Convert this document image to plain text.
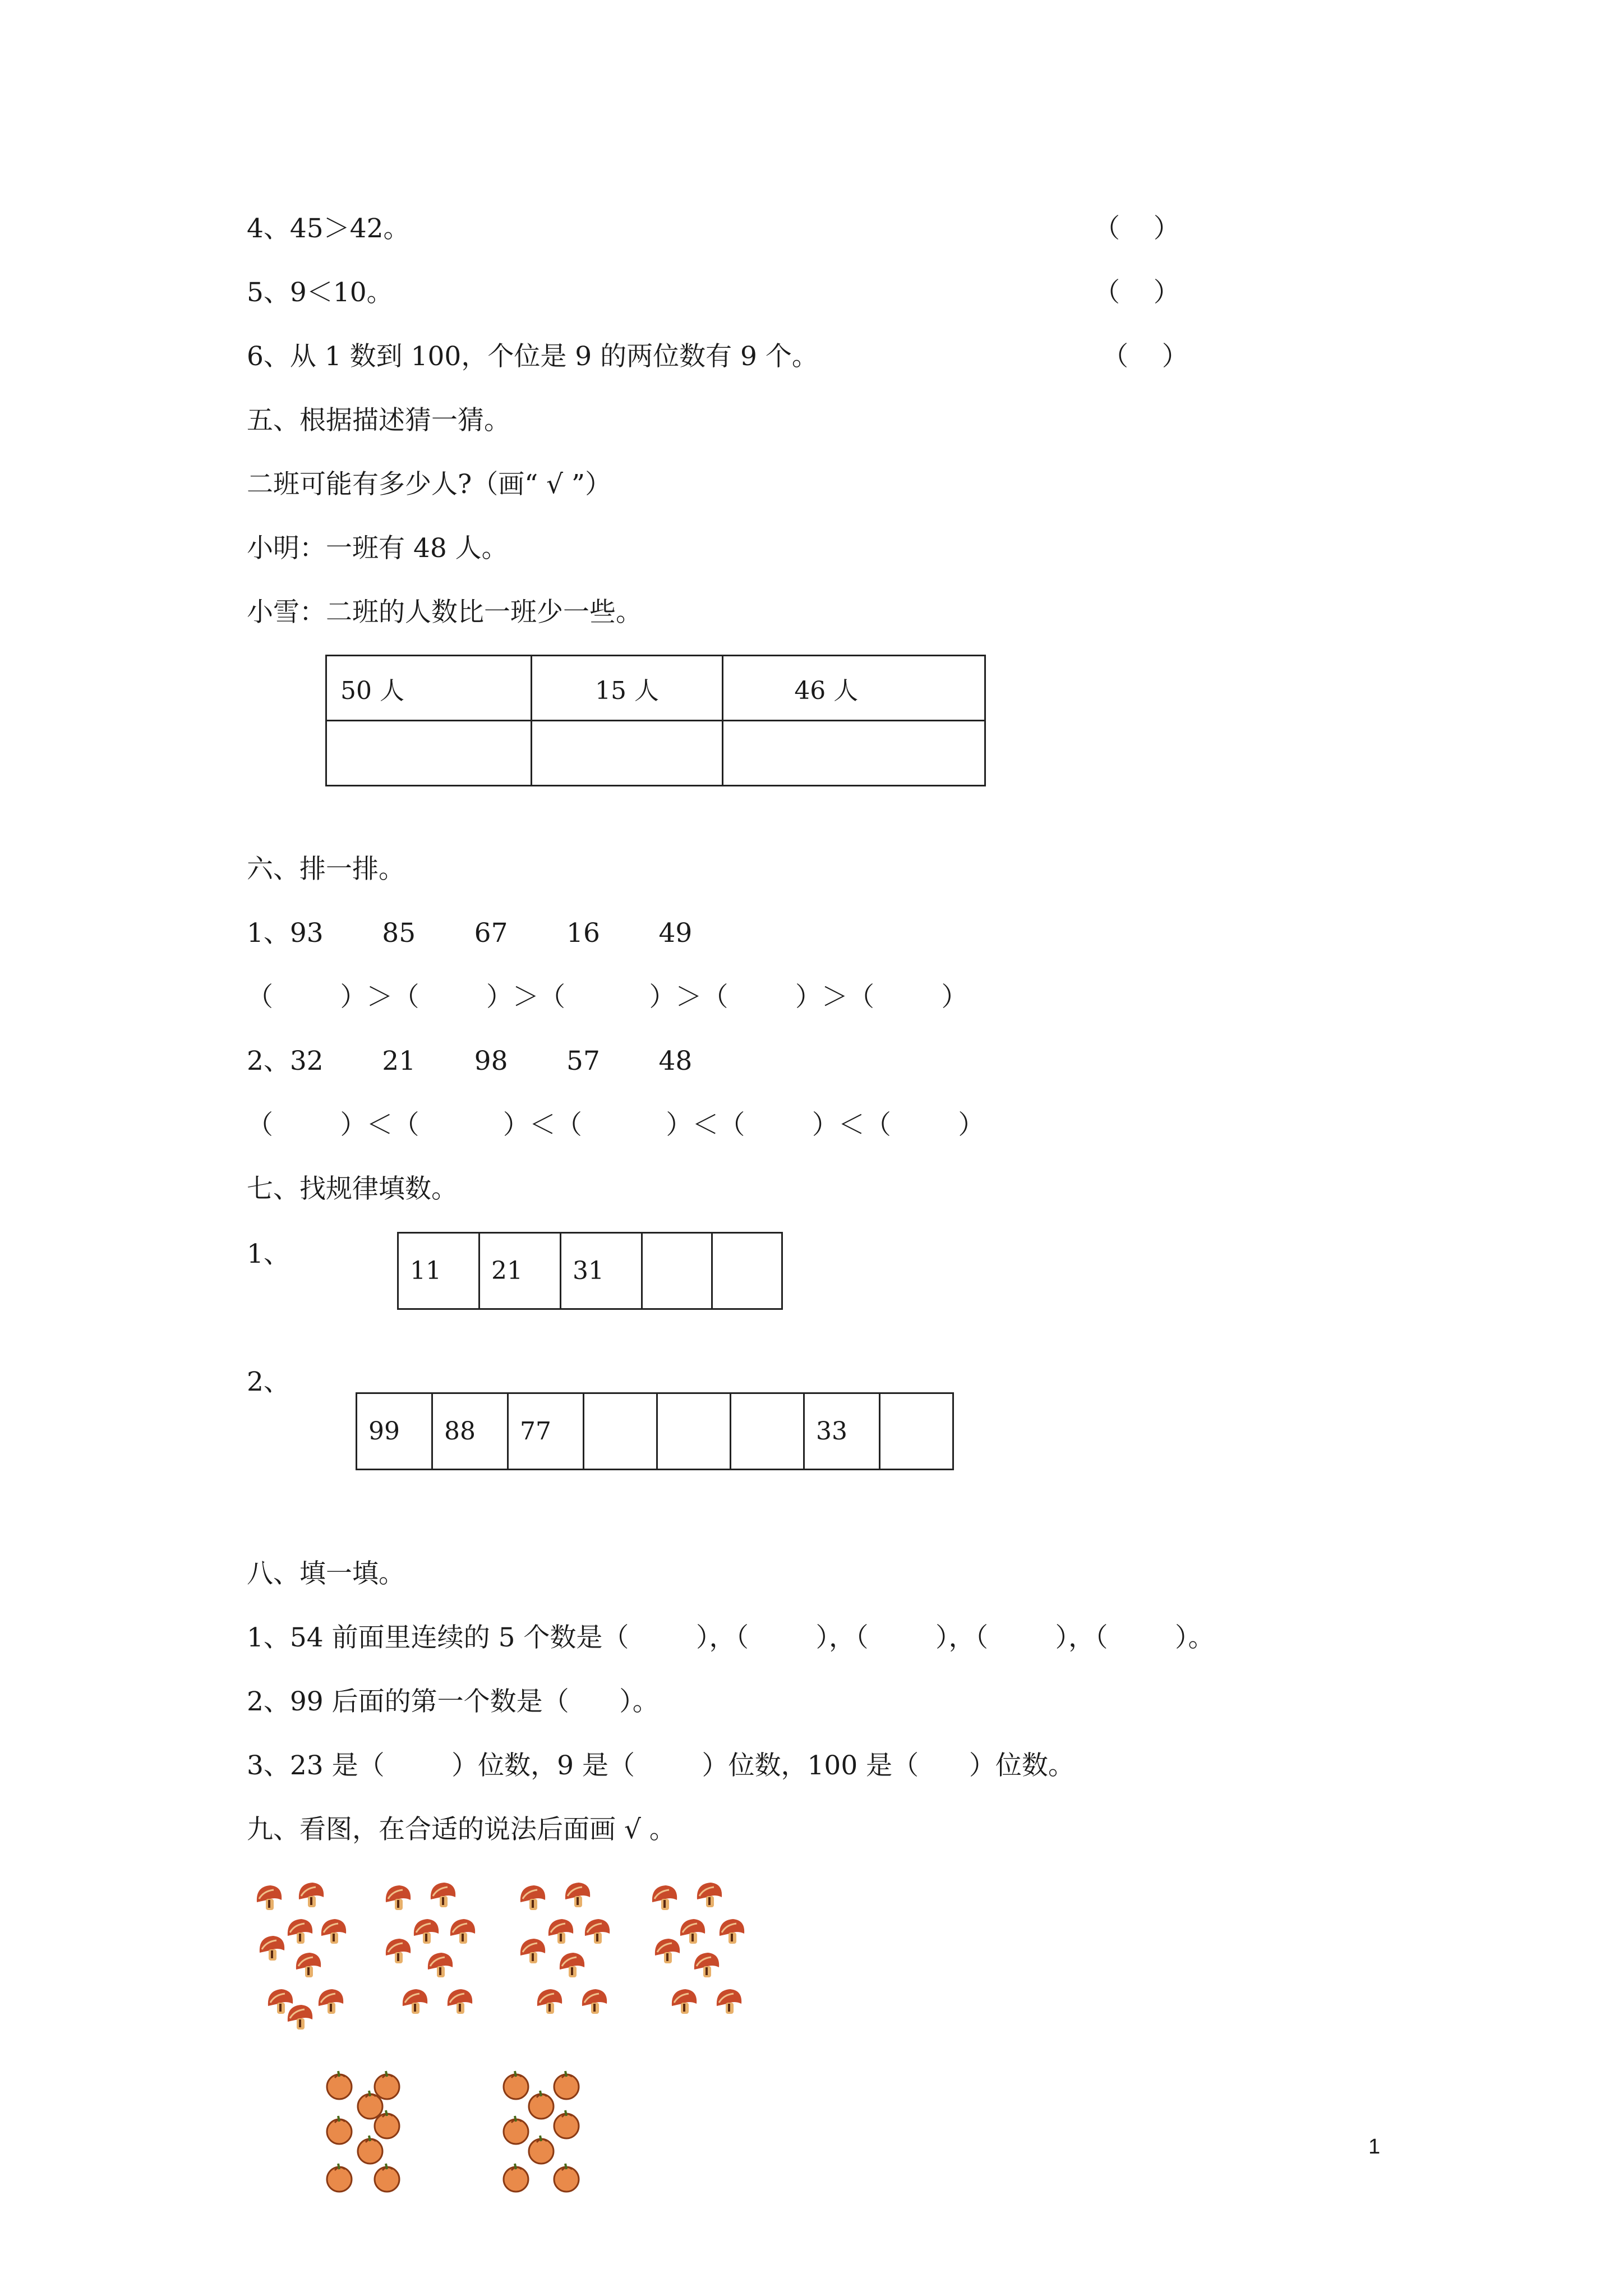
4、45＞42。	（    ）
5、9＜10。	（    ）
6、从 1 数到 100，个位是 9 的两位数有 9 个。	（    ）
五、根据描述猜一猜。
二班可能有多少人?（画“ √ ”）
小明：一班有 48 人。
小雪：二班的人数比一班少一些。
50 人	15 人	46 人

六、排一排。
1、93       85       67       16       49
（        ）＞（        ）＞（          ）＞（        ）＞（        ）
2、32       21       98       57       48
（        ）＜（          ）＜（          ）＜（        ）＜（        ）
七、找规律填数。
1、
11	21	31		
2、
99	88	77				33	
八、填一填。
1、54 前面里连续的 5 个数是（        ），（        ），（        ），（        ），（        ）。
2、99 后面的第一个数是（      ）。
3、23 是（        ）位数，9 是（        ）位数，100 是（      ）位数。
九、看图，在合适的说法后面画 √ 。
1
